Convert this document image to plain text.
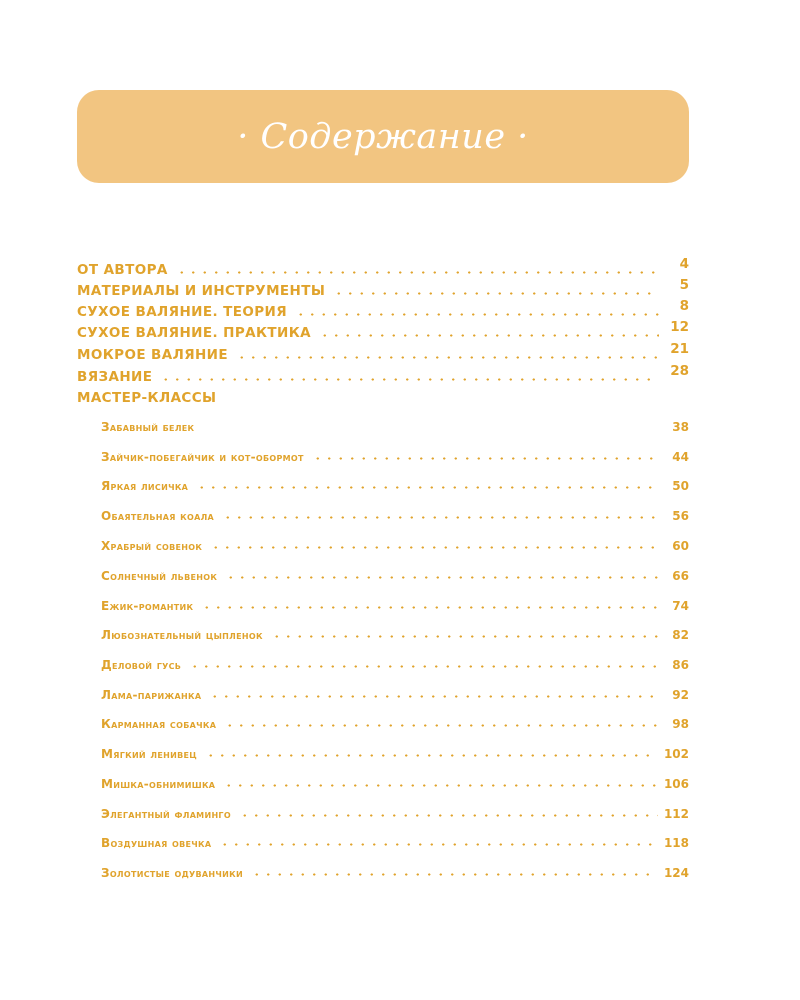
· Содержание ·
ОТ АВТОРА	4
МАТЕРИАЛЫ И ИНСТРУМЕНТЫ	5
СУХОЕ ВАЛЯНИЕ. ТЕОРИЯ	8
СУХОЕ ВАЛЯНИЕ. ПРАКТИКА	12
МОКРОЕ ВАЛЯНИЕ	21
ВЯЗАНИЕ	28
МАСТЕР-КЛАССЫ
Забавный белек	38
Зайчик-побегайчик и кот-обормот	44
Яркая лисичка	50
Обаятельная коала	56
Храбрый совенок	60
Солнечный львенок	66
Ежик-романтик	74
Любознательный цыпленок	82
Деловой гусь	86
Лама-парижанка	92
Карманная собачка	98
Мягкий ленивец	102
Мишка-обнимишка	106
Элегантный фламинго	112
Воздушная овечка	118
Золотистые одуванчики	124
